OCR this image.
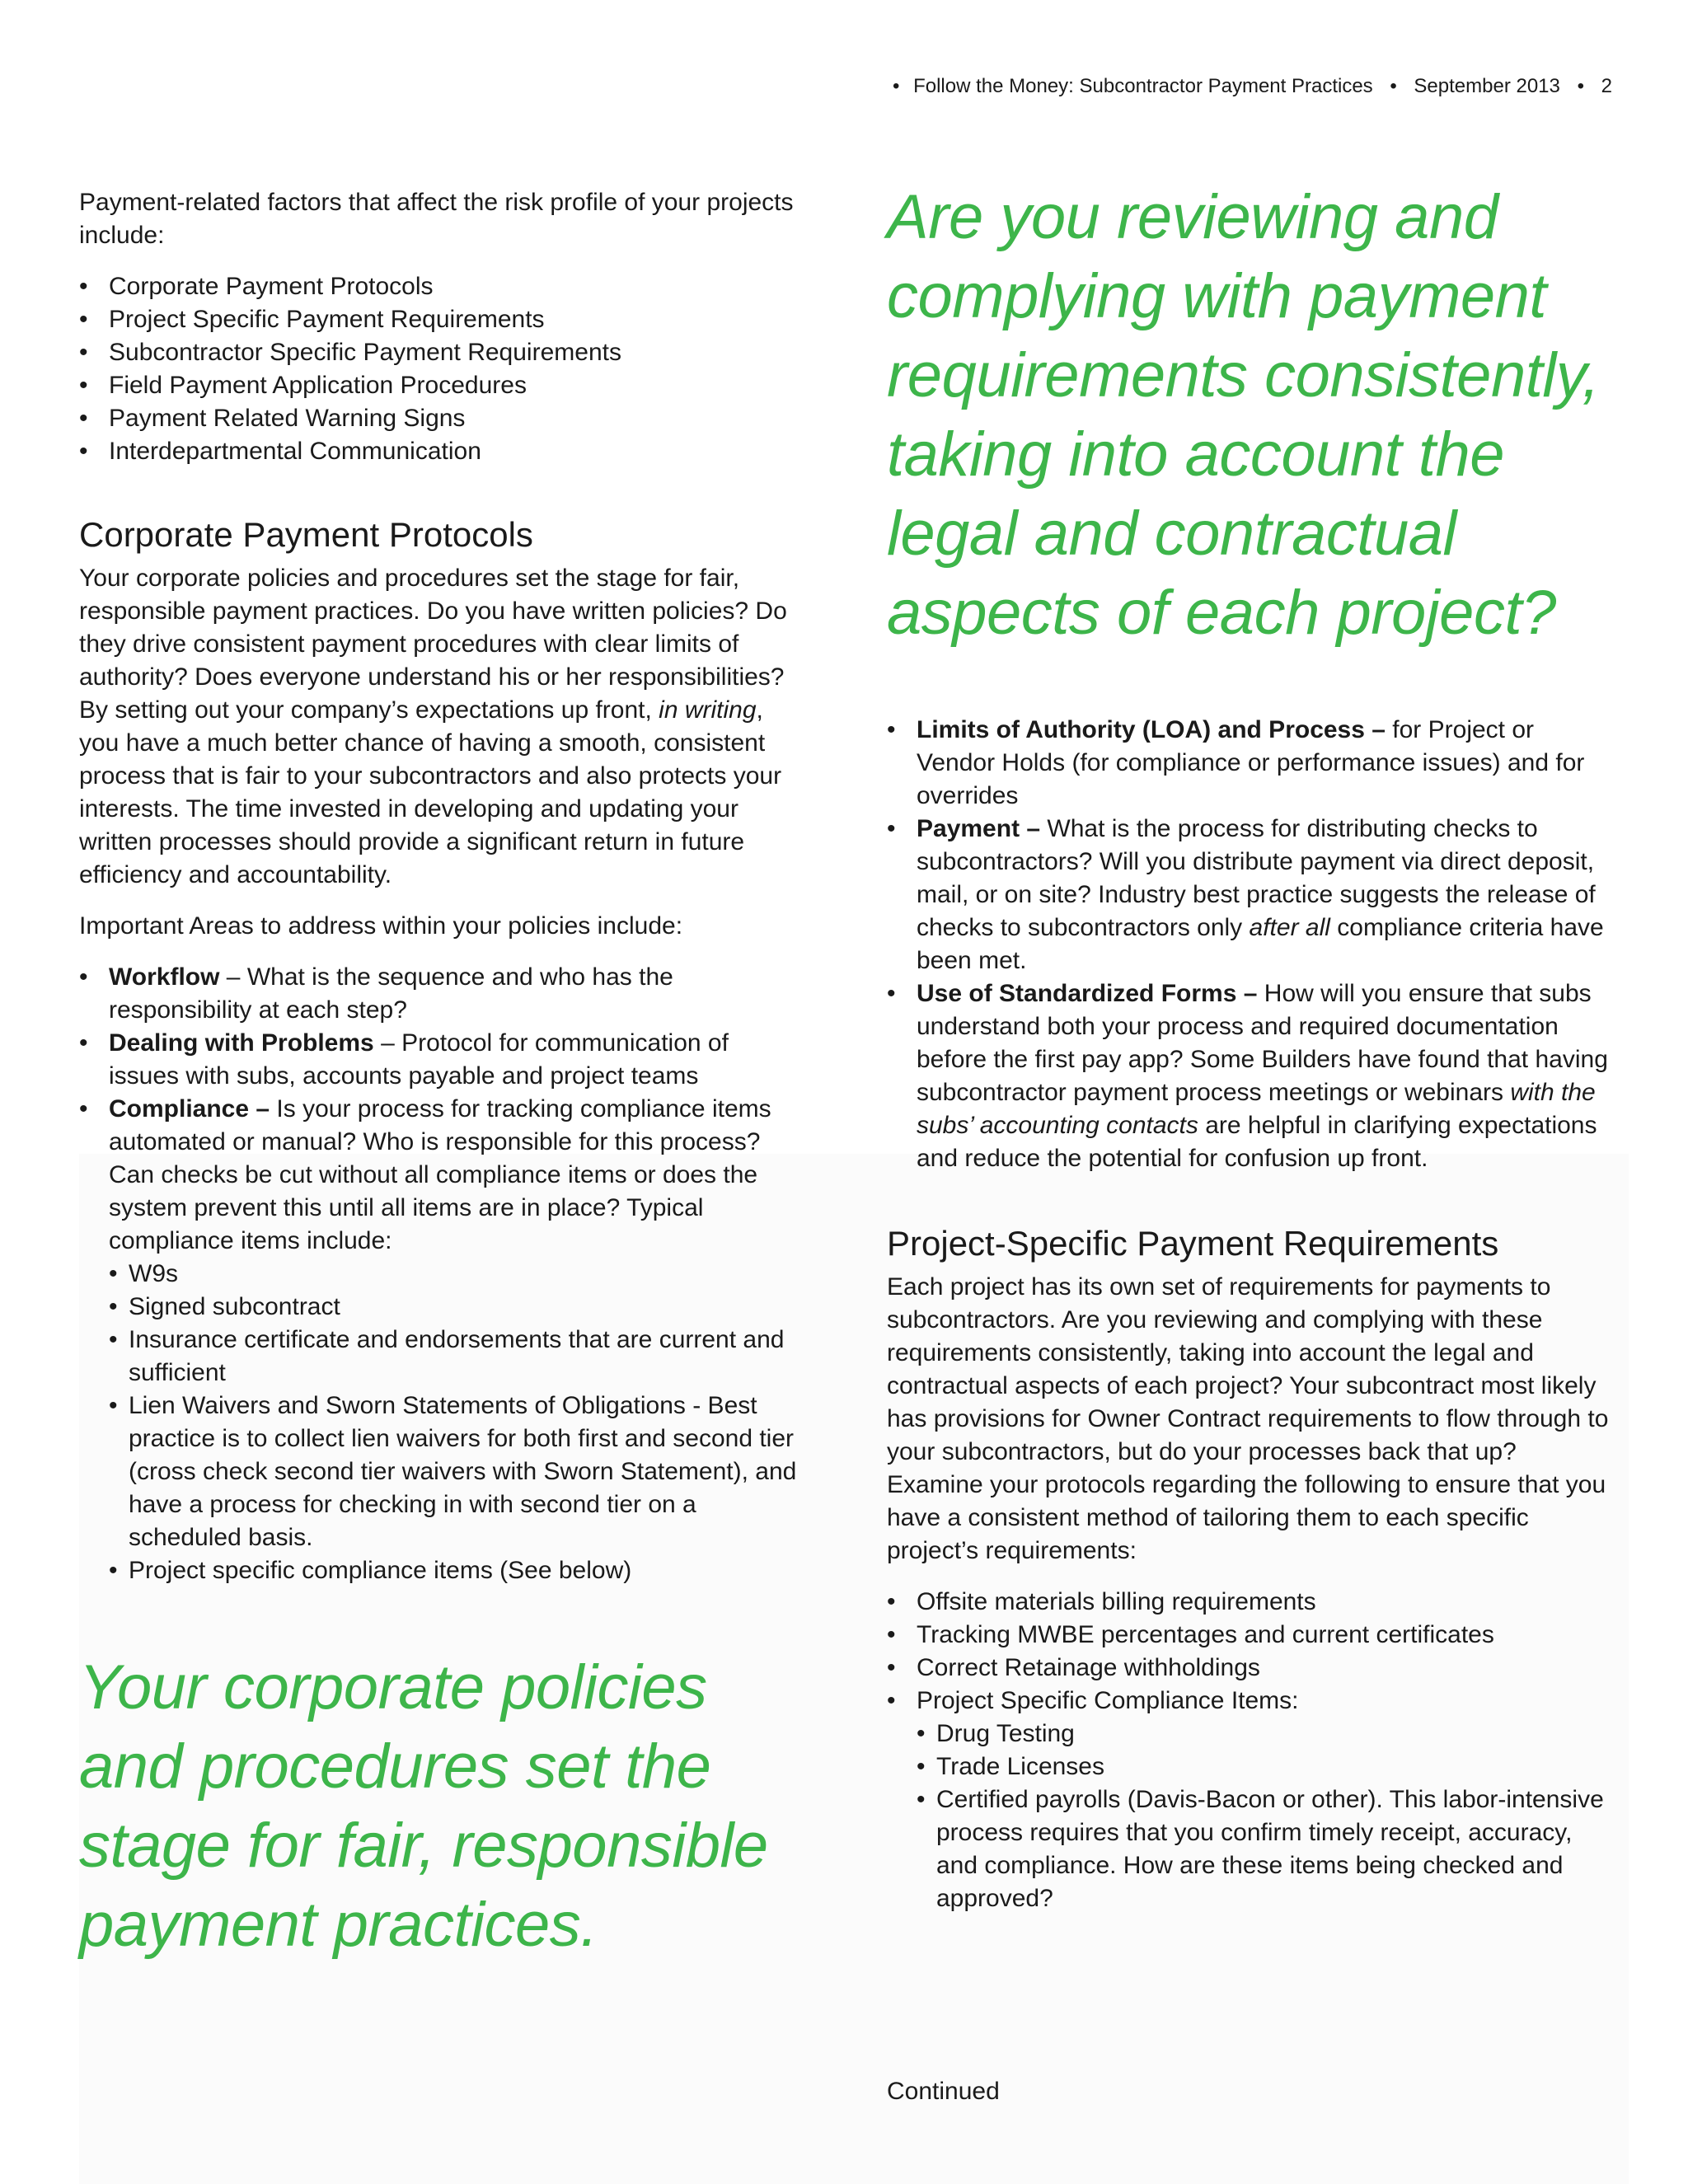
• Follow the Money: Subcontractor Payment Practices • September 2013 • 2

Payment-related factors that affect the risk profile of your projects include:

• Corporate Payment Protocols
• Project Specific Payment Requirements
• Subcontractor Specific Payment Requirements
• Field Payment Application Procedures
• Payment Related Warning Signs
• Interdepartmental Communication
Corporate Payment Protocols

Your corporate policies and procedures set the stage for fair, responsible payment practices. Do you have written policies? Do they drive consistent payment procedures with clear limits of authority? Does everyone understand his or her responsibilities? By setting out your company’s expectations up front, in writing, you have a much better chance of having a smooth, consistent process that is fair to your subcontractors and also protects your interests. The time invested in developing and updating your written processes should provide a significant return in future efficiency and accountability.

Important Areas to address within your policies include:

• Workflow – What is the sequence and who has the responsibility at each step?
• Dealing with Problems – Protocol for communication of issues with subs, accounts payable and project teams
• Compliance – Is your process for tracking compliance items automated or manual? Who is responsible for this process? Can checks be cut without all compliance items or does the system prevent this until all items are in place? Typical compliance items include:
• W9s
• Signed subcontract
• Insurance certificate and endorsements that are current and sufficient
• Lien Waivers and Sworn Statements of Obligations - Best practice is to collect lien waivers for both first and second tier (cross check second tier waivers with Sworn Statement), and have a process for checking in with second tier on a scheduled basis.
• Project specific compliance items (See below)
Your corporate policies and procedures set the stage for fair, responsible payment practices.
Are you reviewing and complying with payment requirements consistently, taking into account the legal and contractual aspects of each project?
• Limits of Authority (LOA) and Process – for Project or Vendor Holds (for compliance or performance issues) and for overrides
• Payment – What is the process for distributing checks to subcontractors? Will you distribute payment via direct deposit, mail, or on site? Industry best practice suggests the release of checks to subcontractors only after all compliance criteria have been met.
• Use of Standardized Forms – How will you ensure that subs understand both your process and required documentation before the first pay app? Some Builders have found that having subcontractor payment process meetings or webinars with the subs’ accounting contacts are helpful in clarifying expectations and reduce the potential for confusion up front.
Project-Specific Payment Requirements

Each project has its own set of requirements for payments to subcontractors. Are you reviewing and complying with these requirements consistently, taking into account the legal and contractual aspects of each project? Your subcontract most likely has provisions for Owner Contract requirements to flow through to your subcontractors, but do your processes back that up? Examine your protocols regarding the following to ensure that you have a consistent method of tailoring them to each specific project’s requirements:

• Offsite materials billing requirements
• Tracking MWBE percentages and current certificates
• Correct Retainage withholdings
• Project Specific Compliance Items:
• Drug Testing
• Trade Licenses
• Certified payrolls (Davis-Bacon or other). This labor-intensive process requires that you confirm timely receipt, accuracy, and compliance. How are these items being checked and approved?
Continued
